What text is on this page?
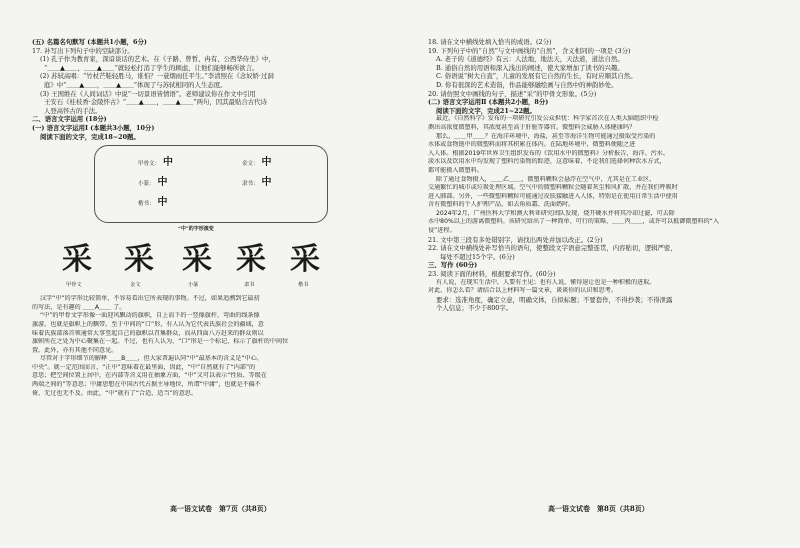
(五) 名篇名句默写 (本题共1小题，6分)
17. 补写出下列句子中的空缺部分。
(1) 孔子作为教育家，深谙谈话的艺术。在《子路、曾皙、冉有、公西华侍坐》中，
“＿＿▲＿＿，＿＿▲＿＿”就轻松打消了学生的顾虑，让他们能够畅所欲言。
(2) 苏轼高唱：“竹杖芒鞋轻胜马，谁怕？一蓑烟雨任平生。”李清照在《念奴娇·过洞
庭》中“＿＿▲＿＿，＿＿▲＿＿”体现了与苏轼相同的人生态度。
(3) 王国维在《人间词话》中说“一切景语皆情语”。老师建议你在作文中引用
王安石《桂枝香·金陵怀古》“＿＿▲＿＿，＿＿▲＿＿”两句，因其最贴合古代诗
人登高怀古的手法。
二、语言文字运用 (18分)
(一) 语言文字运用Ⅰ (本题共3小题，10分)
阅读下面的文字，完成18~20题。
甲骨文： 中	金文： 中
小篆： 中	隶书： 中
楷书： 中
“中”的字形演变
采 采 采 采 采
甲骨文	金文	小篆	隶书	楷书
汉字“中”的字形比较简单，不容易看出它所表现的事物。不过，如果追溯到它最初
的写法，是有趣的 ＿＿A＿＿ 了。
“中”的甲骨文字形像一面迎风飘动的旗帜，自上而下的一竖像旗杆，弯曲的线条像
旗游，也就是旗帜上的飘带。至于中间的“口”形，有人认为它代表氏族社会的疆域，意
味着氏族部落首领通常大事竖起自己的旗帜以召集群众，而从四面八方赶来的群众则以
旗帜所在之处为中心聚集在一起。不过，也有人认为，“口”形是一个标记，标示了旗杆的中间位
置。此外，亦有其他不同意见。
尽管对于字形细节的解释 ＿＿B＿＿，但大家普遍认同“中”最基本的含义是“中心、
中央”。就一定范围而言，“正中”意味着在最里面，因此，“中”自然就有了“内部”的
意思；把空间位置上居中，在内部等含义用在抽象方面，“中”又可以表示“性质、等级在
两端之间的”等意思；中庸思想在中国古代占据主导地位，所谓“中庸”，也就是不偏不
倚，无过也无不及。由此，“中”就有了“合适、适当”的意思。
18. 请在文中横线处填入恰当的成语。(2分)
19. 下列句子中的“自然”与文中画线的“自然”，含义相同的一项是 (3分)
A. 老子的《道德经》有云：人法地，地法天，天法道，道法自然。
B. 通俗自然的用语和深入浅出的阐述，使大家增加了读书的兴趣。
C. 俗语说“树大自直”，儿童的发展有它自然的生长，有时应顺其自然。
D. 你有很深的艺术造诣，作品能够融绘画与自然中的神韵妙处。
20. 请仿照文中画线的句子，描述“采”的甲骨文形象。(5分)
(二) 语言文字运用Ⅱ (本题共2小题，8分)
阅读下面的文字，完成21~22题。
最近，《自然科学》发布的一项研究引发公众担忧：科学家首次在人类大脑组织中检
测出高浓度微塑料，其浓度甚至高于肝脏等器官。微塑料会威胁人体健康吗？
那么，＿＿甲＿＿？在海洋环境中，海盐，甚至等海洋生物可能通过摄取受污染的
水体或食物链中的微塑料而将其积累在体内。在陆地环境中，微塑料便随之进
入人体。根据2019年世界卫生组织发布的《饮用水中的微塑料》分析报告，海洋、污水、
淡水以及饮用水中均发现了塑料污染物的踪迹，这意味着，不论我们选择何种饮水方式，
都可能摄入微塑料。
除了通过食物摄入，＿＿乙＿＿，微塑料颗粒会悬浮在空气中，尤其是在工业区、
交通繁忙的城市或垃圾处理区域。空气中的微塑料颗粒会随着灰尘和风扩散，并在我们呼吸时
进入肺部。另外，一些微塑料颗粒可能通过皮肤接触进入人体，特别是在使用日常生活中使用
含有微塑料的个人护理产品，如去角质霜、洗面奶时。
2024年2月，广州医科大学和澳大利亚研究团队发现，烧开硬水并将其冷却过滤，可去除
水中80%以上的游离微塑料。该研究给出了一种简单、可行的策略，＿＿丙＿＿，或许可以抵御微塑料的“入
侵”进程。
21. 文中第三段有多处错别字，请找出两处并加以改正。(2分)
22. 请在文中横线处补写恰当的语句，使整段文字语意完整连贯，内容贴切，逻辑严密，
每处不超过15个字。(6分)
三、写作 (60分)
23. 阅读下面的材料，根据要求写作。(60分)
有人说，在现实生活中，人要有主见；也有人说，懂得退让也是一种积极的进取。
对此，你怎么看？请结合以上材料写一篇文章，谈谈你的认识和思考。
要求：选准角度，确定立意，明确文体，自拟标题；不要套作，不得抄袭；不得泄露
个人信息；不少于800字。
高一语文试卷　第7页（共8页）	高一语文试卷　第8页（共8页）
